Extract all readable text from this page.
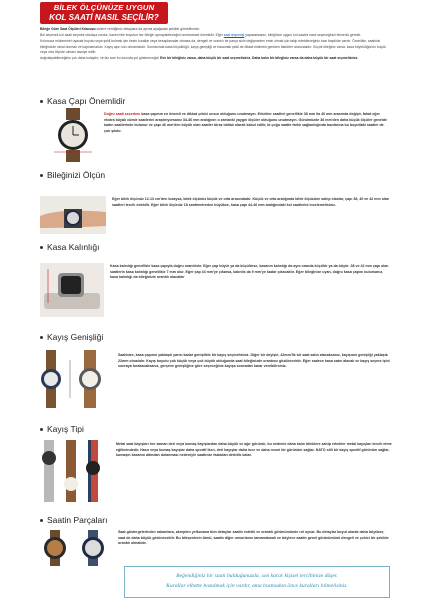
BİLEK ÖLÇÜNÜZE UYGUN
KOL SAATİ NASIL SEÇİLİR?

Bileğe Göre Saat Ölçüleri Kılavuzu sizlere verdiğimiz detaylara da ayrıca aşağıdaki şekilde görebilirsiniz.

Bol seçenek kol saati seçmek oldukça zordur, bazen bile boyutun her bileğe uymayabileceğini unutmamak önemlidir. Eğer saat alışverişi yapacaksanız, bileğinize uygun kol saatini nasıl seçeceğinizi bilmeniz gerekir.

Kolunuza mükemmel uyacak boyutu veya şekli bulmak için kesin kurallar veya hesaplamalar olmasa da, dengeli ve orantılı bir parça sizin değişmeden emin olmak için takip edebileceğiniz bazı başlıklar vardır. Öncelikle, saatinizi bileğinizde rahat durmalı ve kaymamalıdır. Kayış aşırı sıkı olmamalıdır. Sonrasında kasa büyüklüğü, kayış genişliği ve basamak şekli de dikkat edilmesi gereken faktörler arasındadır: Küçük bileğiniz varsa, kasa büyüklüğünün küçük veya orta ölçüde olması tavsiye edilir.

doğrulayabileceğiniz çok daha kolaydır; ve biz size bu konuda yol göstereceğiz! Eve bir bileğiniz varsa, daha küçük bir saat seçmelisiniz. Daha kalın bir bileğiniz varsa da daha büyük bir saat seçmelisiniz.

Kasa Çapı Önemlidir
Doğru saati seçerken kasa çapının en önemli ve dikkat çekici unsur olduğunu unutmayın. Erkekler saatleri genellikle 38 mm ila 46 mm arasında değişir, fakat eğer ekstra büyük cümle saatlerini araştırıyorsanız 34-36 mm aralığının o zamanki yaygın ölçüler olduğunu unutmayın. Günümüzde 38 mm'den daha küçük ölçüler genelde kadın saatlerinde bulunur ve çapı 46 mm'den büyük olan saatler biraz iddialı olarak kabul edilir, bi çoğu saatte farklı sağlamlığında bazılarına bu boyuttaki saatler de çok şıkıtır.
Bileğinizi Ölçün
Eğer bilek ölçünüz 12-13 cm'den kısaysa, bilek ölçünüz küçük ve orta arasındadır. Küçük ve orta aralığında bilek ölçüsüne sahip olanlar, çapı 38, 40 ve 42 mm olan saatleri tercih edebilir. Eğer bilek ölçünüz 18 santimetreden büyükse, kasa çapı 44-46 mm aralığındaki kol saatlerini incelemelisiniz.
Kasa Kalınlığı
Kasa kalınlığı genellikle kasa çapıyla doğru orantılıdır. Eğer çap büyür ya da küçülürse, kasanın kalınlığı da aynı oranda küçülür ya da büyür. 38 ve 42 mm çapı olan saatlerin kasa kalınlığı genellikle 7 mm olur. Eğer çap 44 mm'ye çıkarsa, kalınlık da 9 mm'ye kadar çıkacaktır. Eğer bileğinize uyan, doğru kasa çapını bulursanız, kasa kalınlığı da bileğinizle orantılı olacaktır
Kayış Genişliği
Saatinize, kasa çapının yaklaşık yarısı kadar genişlikte bir kayış seçmelisiniz. Diğer bir deyişle, 42mm'lik bir saat satın alacaksanız, kayışının genişliği yaklaşık 22mm olmalıdır. Kayış boyutu çok küçük veya çok büyük olduğunda saat bileğinizde orantısız gözükecektir. Eğer sadece kasa satın alacak ve kayış seçme işini sonraya bırakacaksanız, gerçeve genişliğine göre seçeceğiniz kayışa sonradan karar verebilirsiniz.
Kayış Tipi
Metal saat kayışları her zaman deri veya kumaş kayışlardan daha büyük ve ağır görünür, bu nedenle daha kalın bileklere sahip erkekler metal kayışları tercih etme eğilimindedir. Hasır veya kumaş kayışlar daha sportif iken, deri kayışlar daha ince ve daha resmi bir görünüm sağlar. NATO stili bir kayış sportif görünüm sağlar, kumaşın kasanın altından dolanması nedeniyle saatinize fazladan derinlik katar.
Saatin Parçaları
Saat göstergelerinden rakamlara, akrepten yelkovana tüm detaylar saatin estetik ve orantılı görünümünde rol oynar. Bu detaylar boyut olarak daha büyükse, saat de daha büyük görünecektir. Bu bileşenlerin tümü, saatin diğer unsurlarını tamamlamalı ve böylece saatin genel görünümünü dengeli ve çekici bir şekilde orantılı olmalıdır.
Beğendiğiniz bir saati bulduğunuzda, son karar kişisel tercihinize düşer.
Kurallar elbette bozulmak için vardır, ama bozmadan önce kuralları bilmelisiniz.
